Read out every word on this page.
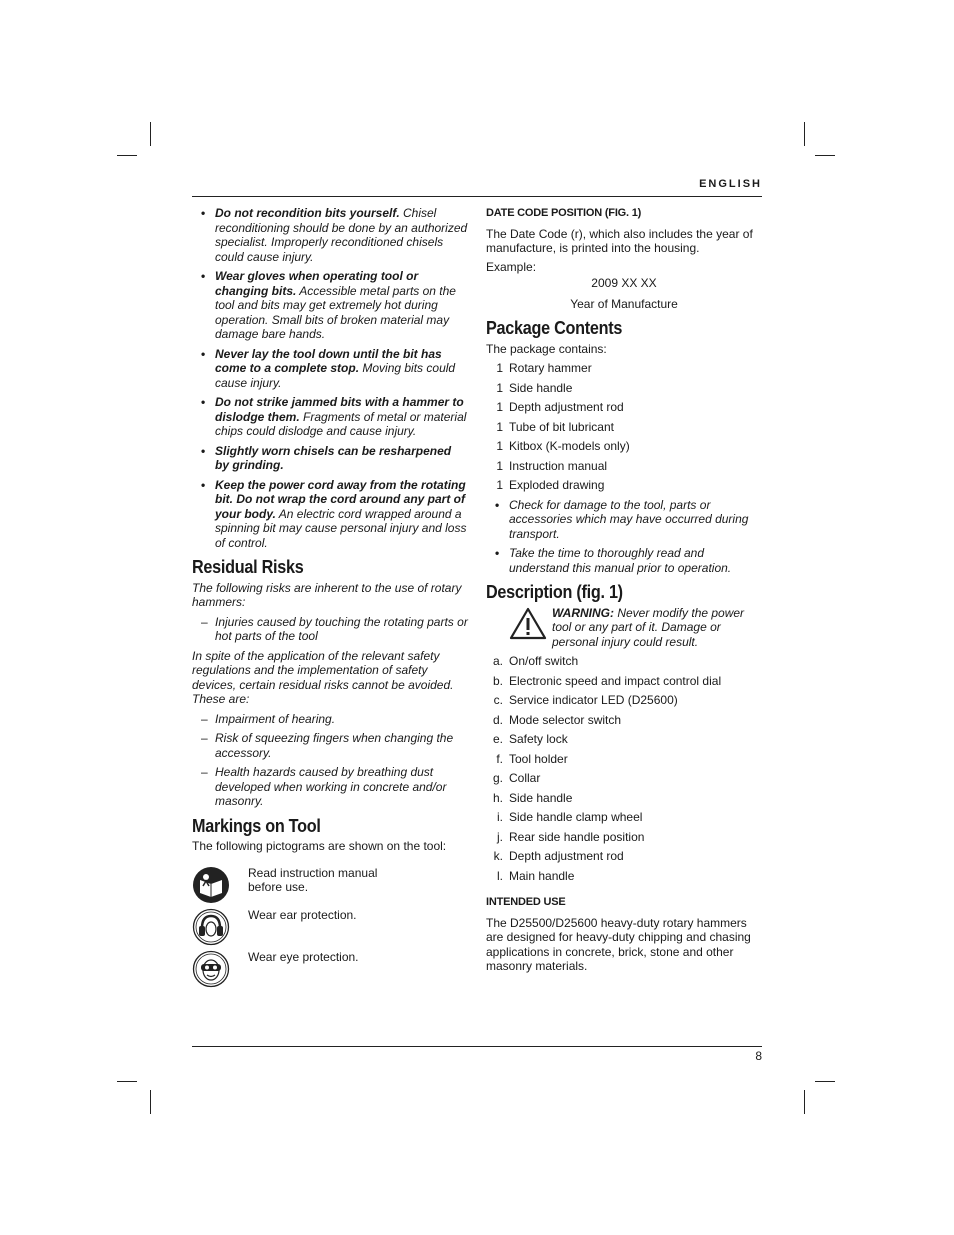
ENGLISH
• Do not recondition bits yourself. Chisel reconditioning should be done by an authorized specialist. Improperly reconditioned chisels could cause injury.
• Wear gloves when operating tool or changing bits. Accessible metal parts on the tool and bits may get extremely hot during operation. Small bits of broken material may damage bare hands.
• Never lay the tool down until the bit has come to a complete stop. Moving bits could cause injury.
• Do not strike jammed bits with a hammer to dislodge them. Fragments of metal or material chips could dislodge and cause injury.
• Slightly worn chisels can be resharpened by grinding.
• Keep the power cord away from the rotating bit. Do not wrap the cord around any part of your body. An electric cord wrapped around a spinning bit may cause personal injury and loss of control.
Residual Risks

The following risks are inherent to the use of rotary hammers:

– Injuries caused by touching the rotating parts or hot parts of the tool

In spite of the application of the relevant safety regulations and the implementation of safety devices, certain residual risks cannot be avoided. These are:

– Impairment of hearing.
– Risk of squeezing fingers when changing the accessory.
– Health hazards caused by breathing dust developed when working in concrete and/or masonry.
Markings on Tool

The following pictograms are shown on the tool:

Read instruction manual
before use.
Wear ear protection.
Wear eye protection.
DATE CODE POSITION (FIG. 1)

The Date Code (r), which also includes the year of manufacture, is printed into the housing.

Example:

2009 XX XX

Year of Manufacture

Package Contents

The package contains:

1 Rotary hammer
1 Side handle
1 Depth adjustment rod
1 Tube of bit lubricant
1 Kitbox (K-models only)
1 Instruction manual
1 Exploded drawing
• Check for damage to the tool, parts or accessories which may have occurred during transport.
• Take the time to thoroughly read and understand this manual prior to operation.
Description (fig. 1)
WARNING: Never modify the power tool or any part of it. Damage or personal injury could result.
a. On/off switch
b. Electronic speed and impact control dial
c. Service indicator LED (D25600)
d. Mode selector switch
e. Safety lock
f. Tool holder
g. Collar
h. Side handle
i. Side handle clamp wheel
j. Rear side handle position
k. Depth adjustment rod
l. Main handle
INTENDED USE

The D25500/D25600 heavy-duty rotary hammers are designed for heavy-duty chipping and chasing applications in concrete, brick, stone and other masonry materials.

8
